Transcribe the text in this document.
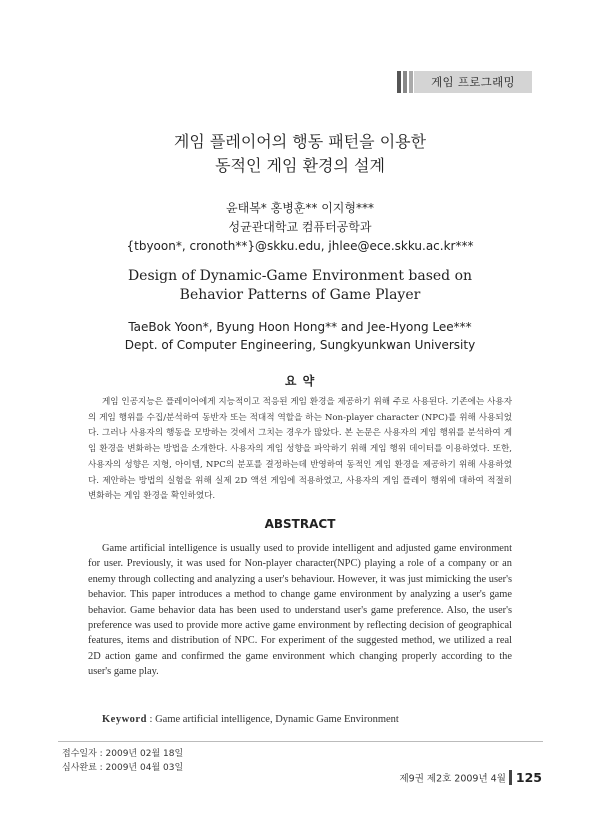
게임 프로그래밍
게임 플레이어의 행동 패턴을 이용한
동적인 게임 환경의 설계
윤태복* 홍병훈** 이지형***
성균관대학교 컴퓨터공학과
{tbyoon*, cronoth**}@skku.edu, jhlee@ece.skku.ac.kr***
Design of Dynamic-Game Environment based on
Behavior Patterns of Game Player
TaeBok Yoon*, Byung Hoon Hong** and Jee-Hyong Lee***
Dept. of Computer Engineering, Sungkyunkwan University
요 약

게임 인공지능은 플레이어에게 지능적이고 적응된 게임 환경을 제공하기 위해 주로 사용된다. 기존에는 사용자의 게임 행위를 수집/분석하여 동반자 또는 적대적 역할을 하는 Non-player character (NPC)를 위해 사용되었다. 그러나 사용자의 행동을 모방하는 것에서 그치는 경우가 많았다. 본 논문은 사용자의 게임 행위를 분석하여 게임 환경을 변화하는 방법을 소개한다. 사용자의 게임 성향을 파악하기 위해 게임 행위 데이터를 이용하였다. 또한, 사용자의 성향은 지형, 아이템, NPC의 분포를 결정하는데 반영하여 동적인 게임 환경을 제공하기 위해 사용하였다. 제안하는 방법의 실험을 위해 실제 2D 액션 게임에 적용하였고, 사용자의 게임 플레이 행위에 대하여 적절히 변화하는 게임 환경을 확인하였다.

ABSTRACT

Game artificial intelligence is usually used to provide intelligent and adjusted game environment for user. Previously, it was used for Non-player character(NPC) playing a role of a company or an enemy through collecting and analyzing a user's behaviour. However, it was just mimicking the user's behavior. This paper introduces a method to change game environment by analyzing a user's game behavior. Game behavior data has been used to understand user's game preference. Also, the user's preference was used to provide more active game environment by reflecting decision of geographical features, items and distribution of NPC. For experiment of the suggested method, we utilized a real 2D action game and confirmed the game environment which changing properly according to the user's game play.

Keyword : Game artificial intelligence, Dynamic Game Environment
접수일자 : 2009년 02월 18일
심사완료 : 2009년 04월 03일
제9권 제2호 2009년 4월 125
